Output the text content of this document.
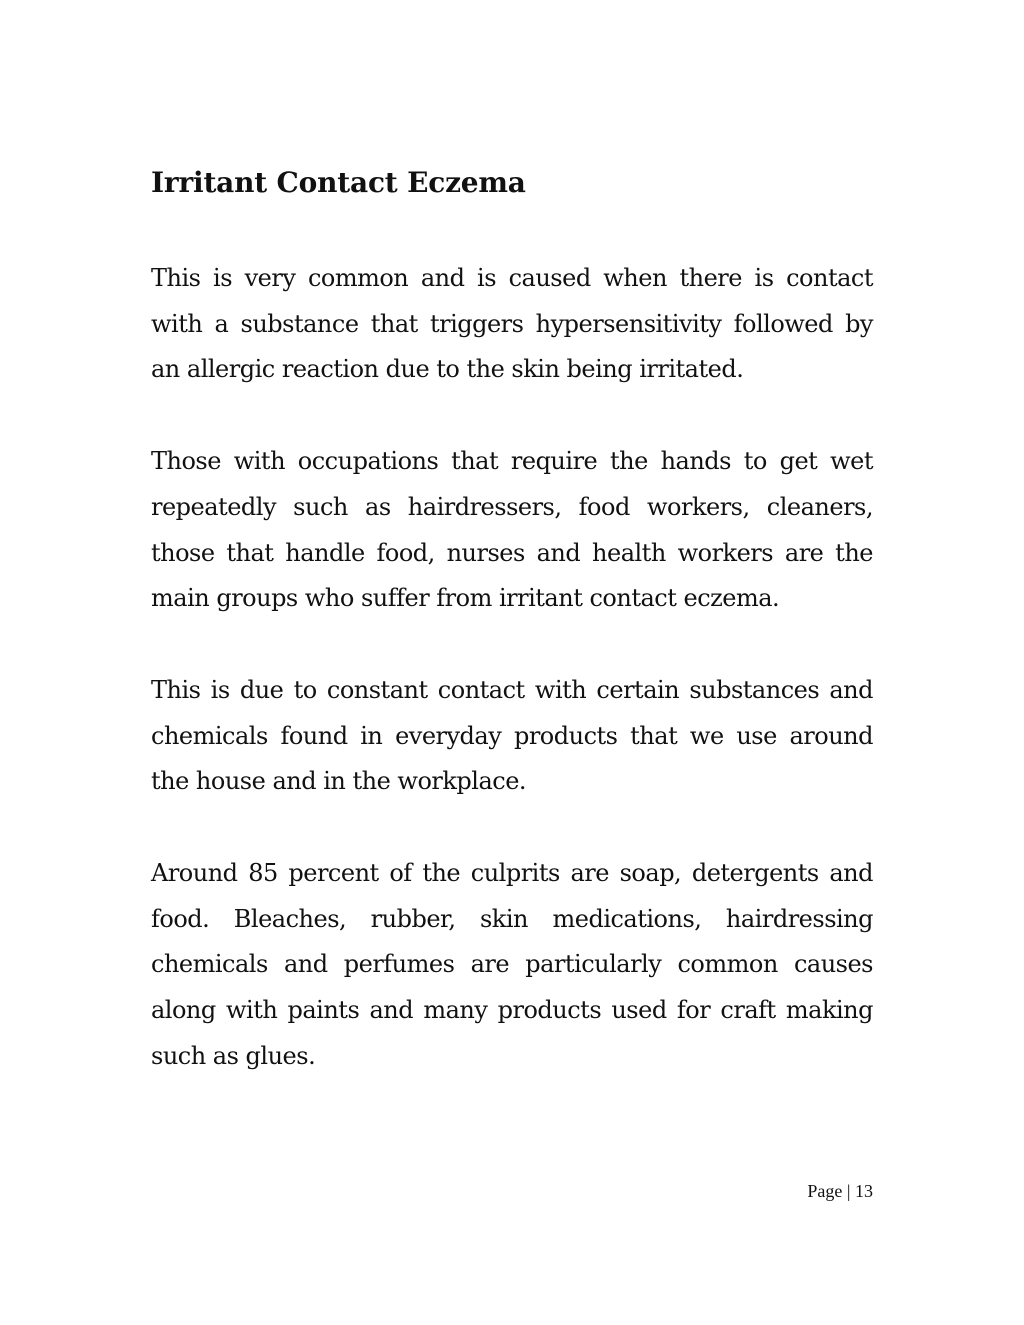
Irritant Contact Eczema

This is very common and is caused when there is contact with a substance that triggers hypersensitivity followed by an allergic reaction due to the skin being irritated.

Those with occupations that require the hands to get wet repeatedly such as hairdressers, food workers, cleaners, those that handle food, nurses and health workers are the main groups who suffer from irritant contact eczema.

This is due to constant contact with certain substances and chemicals found in everyday products that we use around the house and in the workplace.

Around 85 percent of the culprits are soap, detergents and food. Bleaches, rubber, skin medications, hairdressing chemicals and perfumes are particularly common causes along with paints and many products used for craft making such as glues.

Page | 13
